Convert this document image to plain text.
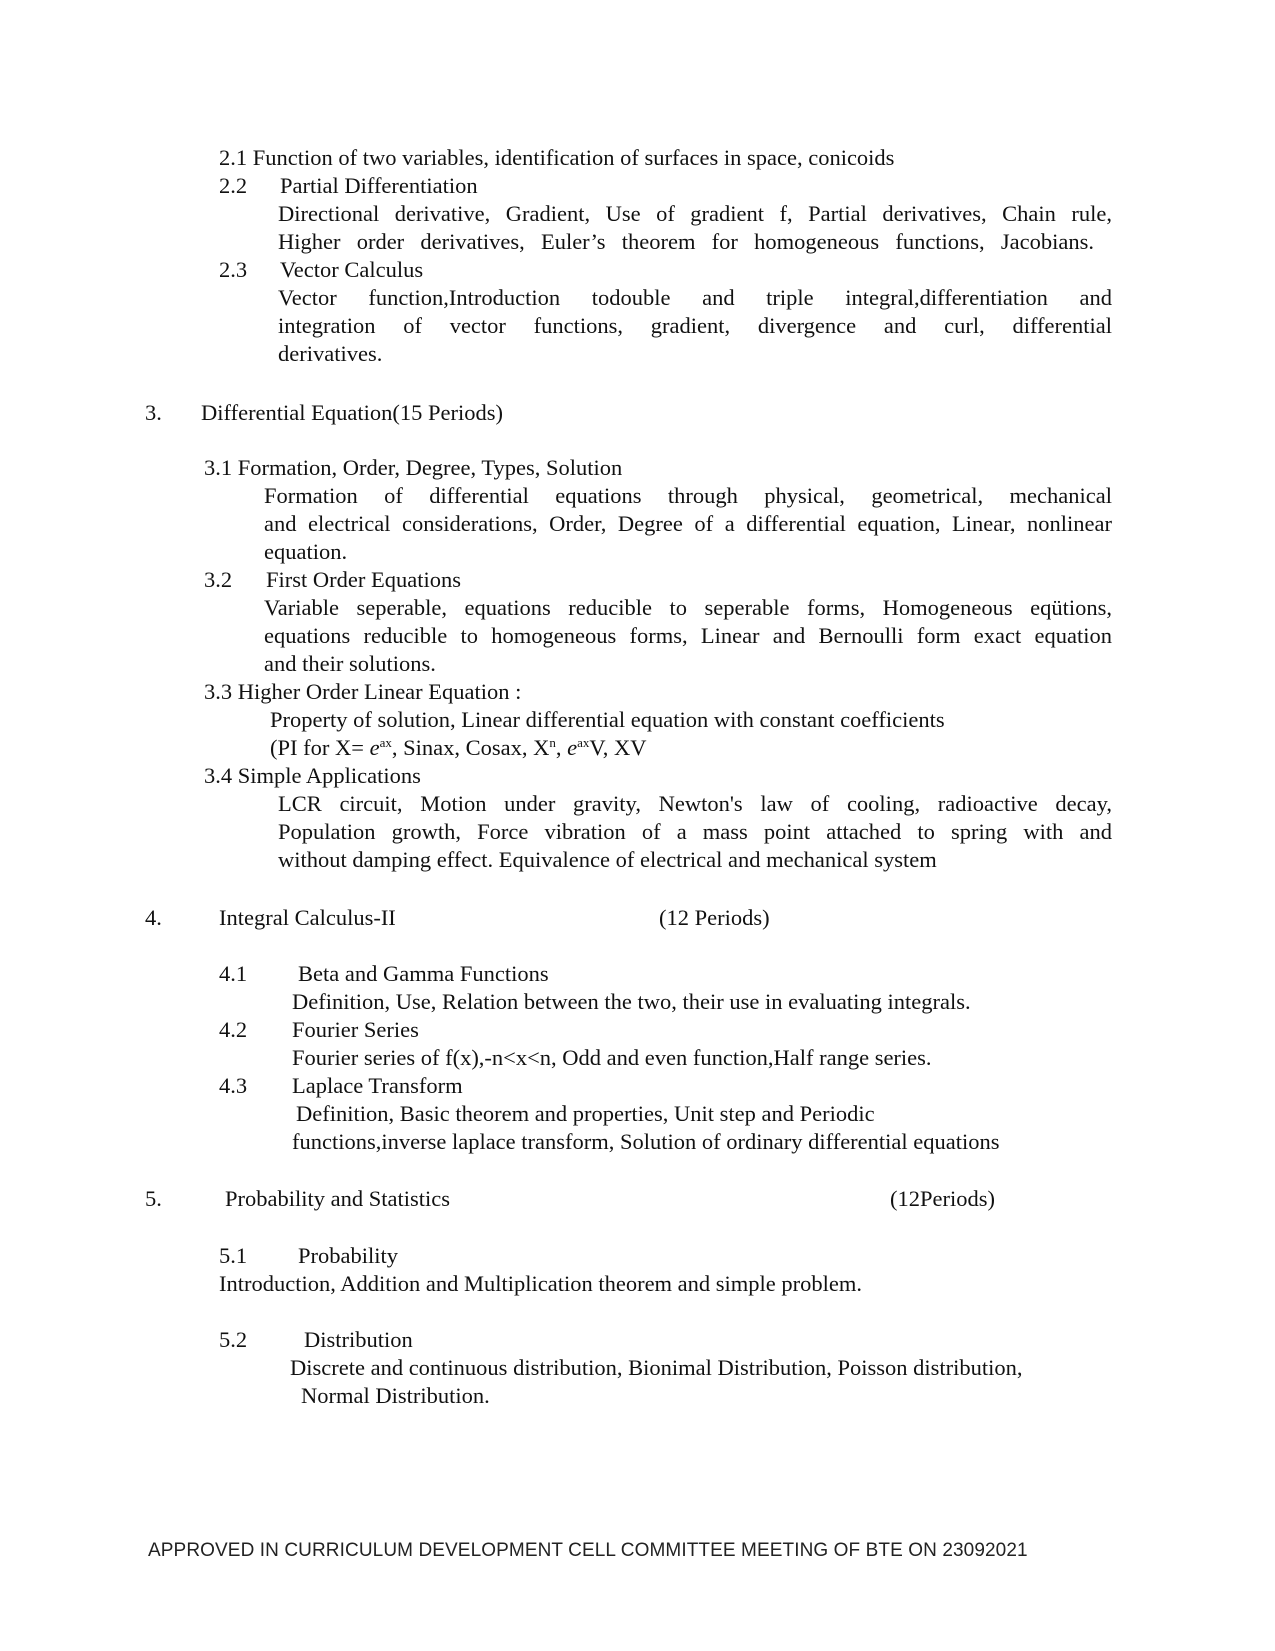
2.1 Function of two variables, identification of surfaces in space, conicoids
2.2 Partial Differentiation
Directional derivative, Gradient, Use of gradient f, Partial derivatives, Chain rule,
Higher order derivatives, Euler’s theorem for homogeneous functions, Jacobians.
2.3 Vector Calculus
Vector function,Introduction todouble and triple integral,differentiation and
integration of vector functions, gradient, divergence and curl, differential
derivatives.
3. Differential Equation(15 Periods)
3.1 Formation, Order, Degree, Types, Solution
Formation of differential equations through physical, geometrical, mechanical
and electrical considerations, Order, Degree of a differential equation, Linear, nonlinear
equation.
3.2 First Order Equations
Variable seperable, equations reducible to seperable forms, Homogeneous eqütions,
equations reducible to homogeneous forms, Linear and Bernoulli form exact equation
and their solutions.
3.3 Higher Order Linear Equation :
Property of solution, Linear differential equation with constant coefficients
(PI for $X= e^{ax}$, Sinax, Cosax, $X^n$, $e^{ax}V$, XV
3.4 Simple Applications
LCR circuit, Motion under gravity, Newton's law of cooling, radioactive decay,
Population growth, Force vibration of a mass point attached to spring with and
without damping effect. Equivalence of electrical and mechanical system
4.	Integral Calculus-II	(12 Periods)
4.1 Beta and Gamma Functions
Definition, Use, Relation between the two, their use in evaluating integrals.
4.2 Fourier Series
Fourier series of f(x),-n<x<n, Odd and even function,Half range series.
4.3 Laplace Transform
Definition, Basic theorem and properties, Unit step and Periodic
functions,inverse laplace transform, Solution of ordinary differential equations
5.	Probability and Statistics	(12Periods)
5.1 Probability
Introduction, Addition and Multiplication theorem and simple problem.
5.2	Distribution
Discrete and continuous distribution, Bionimal Distribution, Poisson distribution,
Normal Distribution.
APPROVED IN CURRICULUM DEVELOPMENT CELL COMMITTEE MEETING OF BTE ON 23092021
